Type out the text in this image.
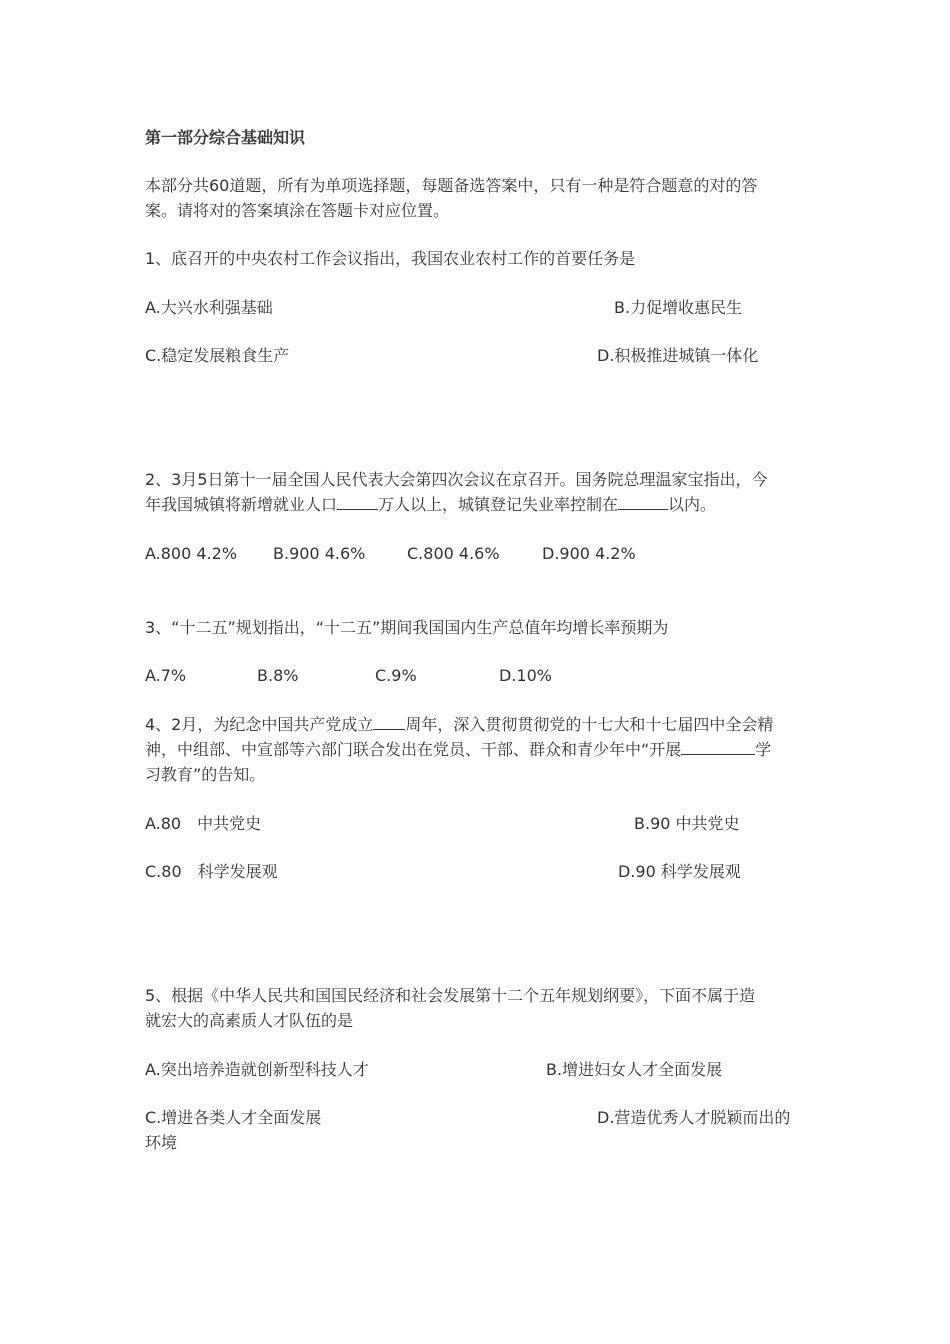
第一部分综合基础知识
本部分共60道题，所有为单项选择题，每题备选答案中，只有一种是符合题意的对的答
案。请将对的答案填涂在答题卡对应位置。
1、底召开的中央农村工作会议指出，我国农业农村工作的首要任务是
A.大兴水利强基础	B.力促增收惠民生
C.稳定发展粮食生产	D.积极推进城镇一体化
2、3月5日第十一届全国人民代表大会第四次会议在京召开。国务院总理温家宝指出，今
年我国城镇将新增就业人口	万人以上，城镇登记失业率控制在	以内。
A.800 4.2% B.900 4.6%	C.800 4.6%	D.900 4.2%
3、“十二五”规划指出，“十二五”期间我国国内生产总值年均增长率预期为
A.7%	B.8%	C.9%	D.10%
4、2月，为纪念中国共产党成立 周年，深入贯彻贯彻党的十七大和十七届四中全会精
神，中组部、中宣部等六部门联合发出在党员、干部、群众和青少年中“开展	学
习教育”的告知。
A.80　中共党史	B.90 中共党史
C.80　科学发展观	D.90 科学发展观
5、根据《中华人民共和国国民经济和社会发展第十二个五年规划纲要》，下面不属于造
就宏大的高素质人才队伍的是
A.突出培养造就创新型科技人才	B.增进妇女人才全面发展
C.增进各类人才全面发展	D.营造优秀人才脱颖而出的
环境
